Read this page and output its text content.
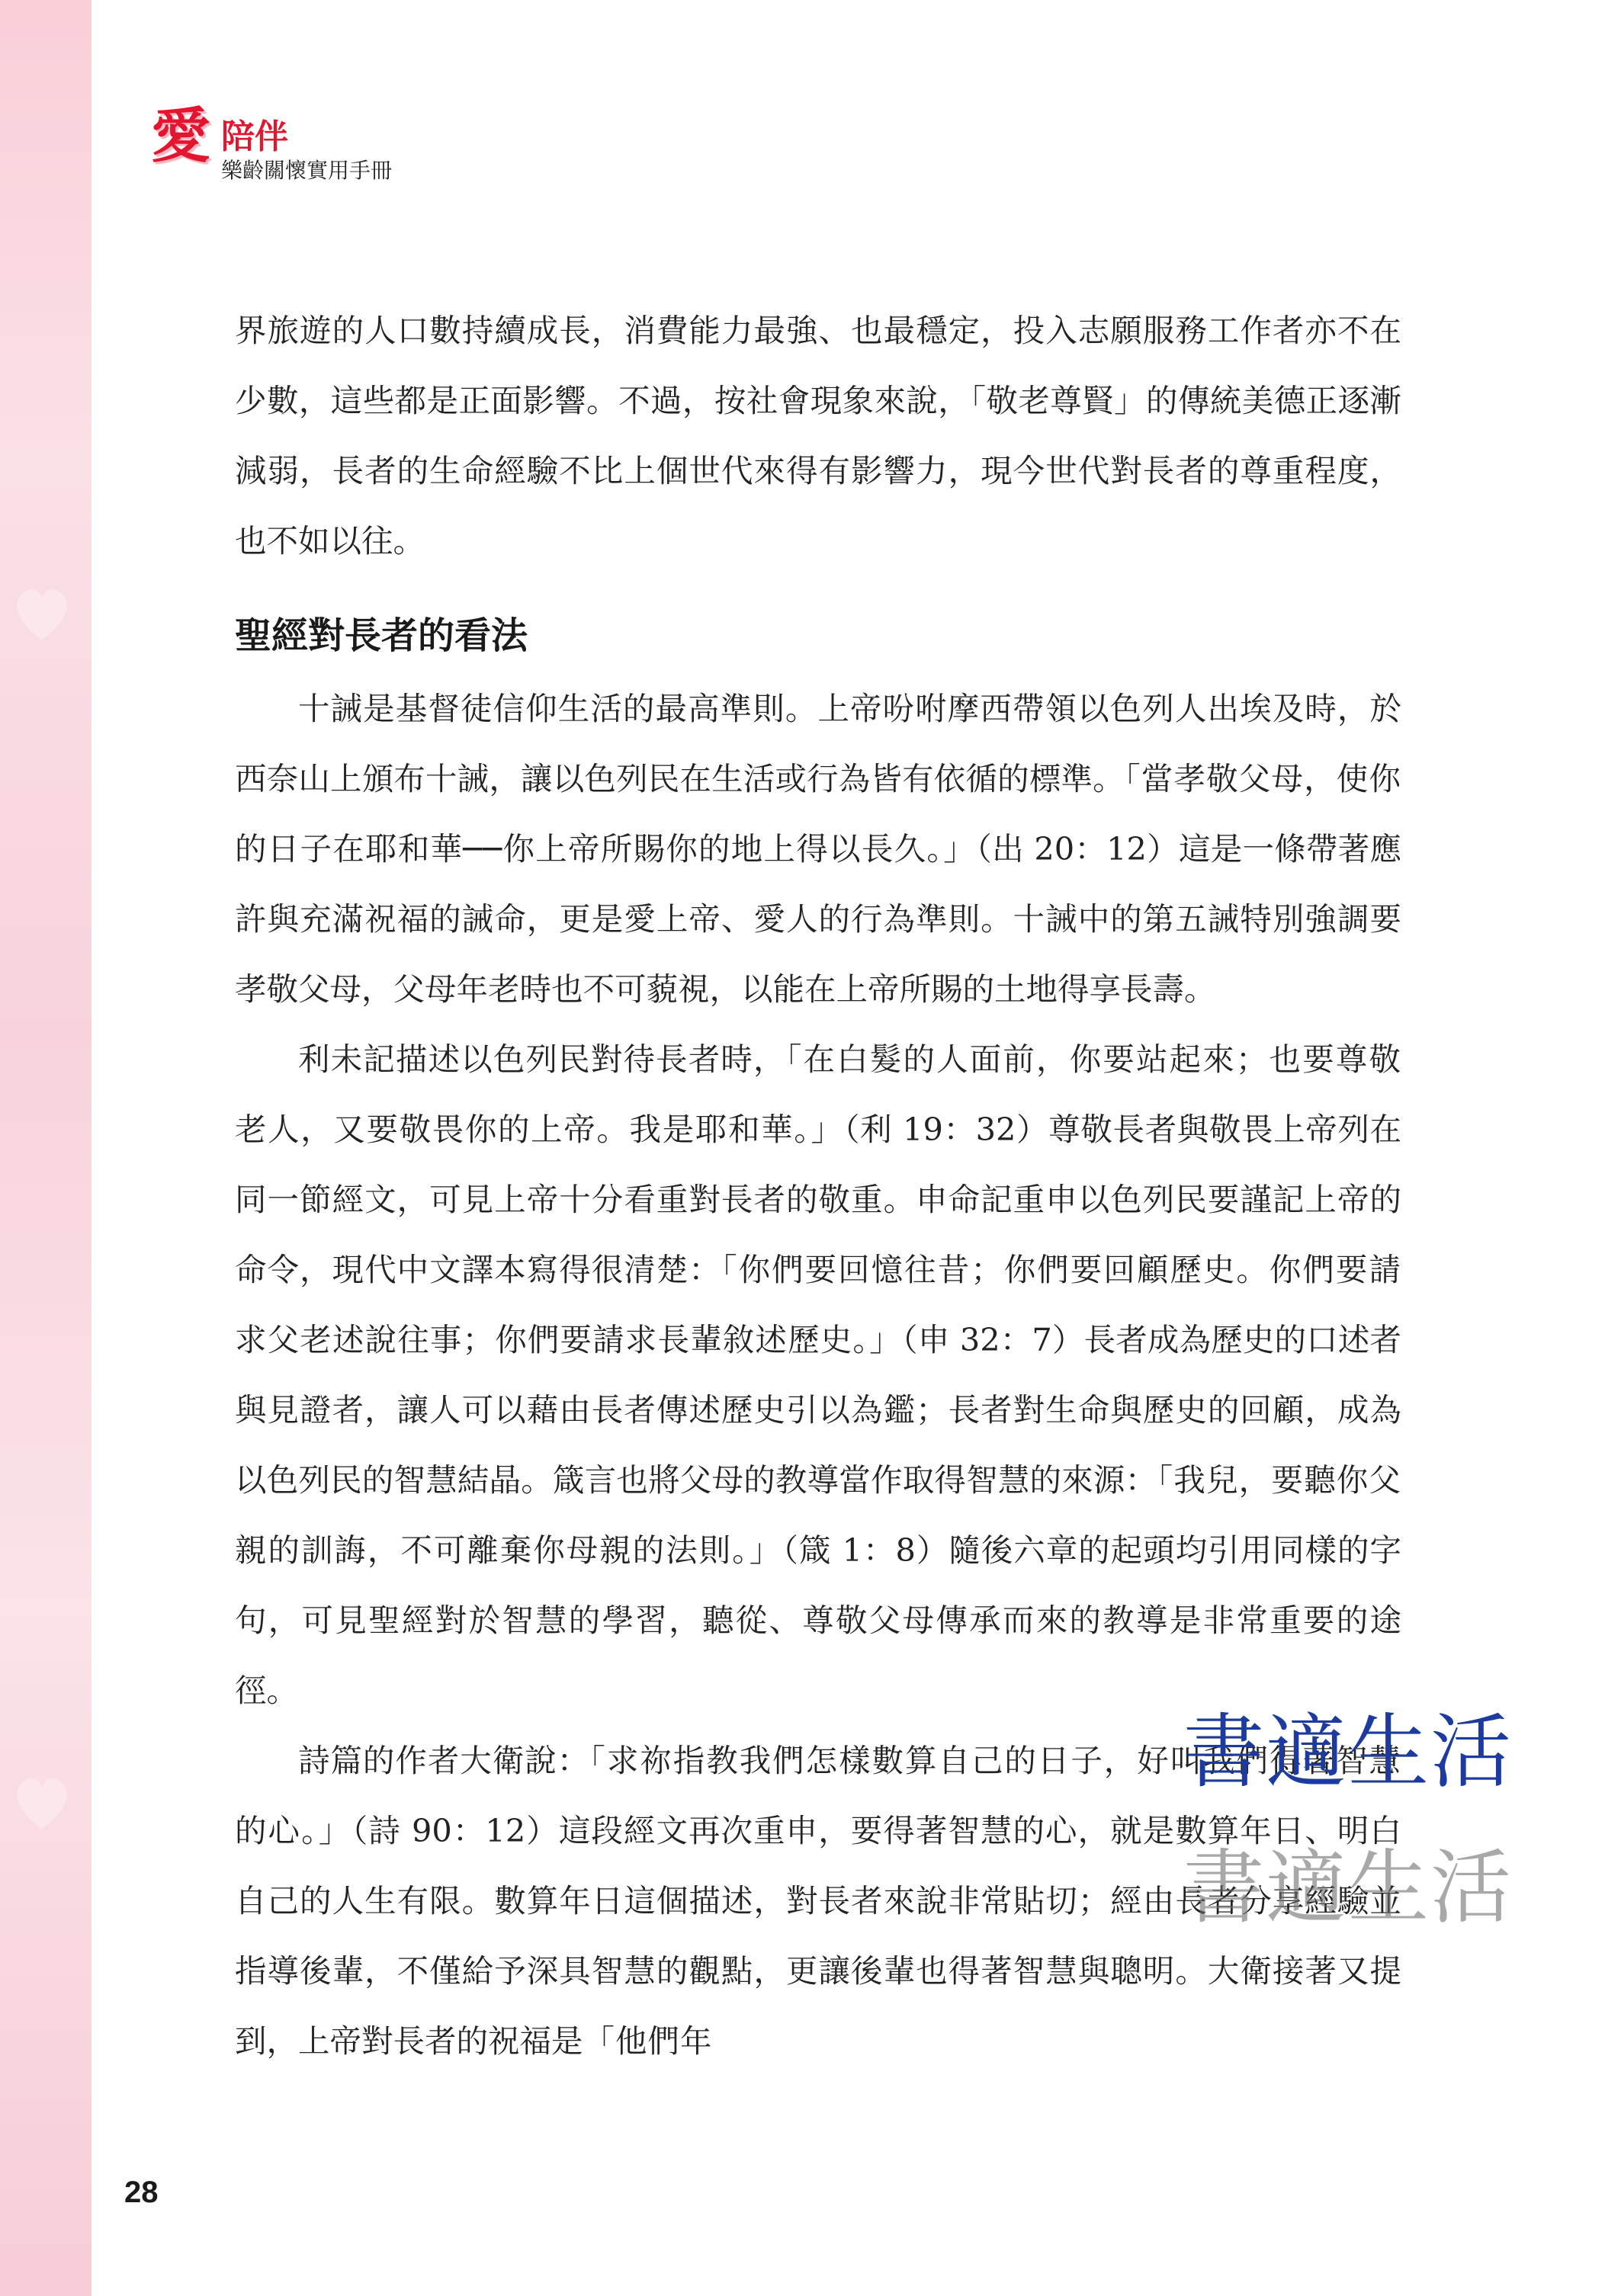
愛 陪伴
樂齡關懷實用手冊

界旅遊的人口數持續成長，消費能力最強、也最穩定，投入志願服務工作者亦不在少數，這些都是正面影響。不過，按社會現象來說，「敬老尊賢」的傳統美德正逐漸減弱，長者的生命經驗不比上個世代來得有影響力，現今世代對長者的尊重程度，也不如以往。

聖經對長者的看法

十誡是基督徒信仰生活的最高準則。上帝吩咐摩西帶領以色列人出埃及時，於西奈山上頒布十誡，讓以色列民在生活或行為皆有依循的標準。「當孝敬父母，使你的日子在耶和華──你上帝所賜你的地上得以長久。」（出 20：12）這是一條帶著應許與充滿祝福的誡命，更是愛上帝、愛人的行為準則。十誡中的第五誡特別強調要孝敬父母，父母年老時也不可藐視，以能在上帝所賜的土地得享長壽。

利未記描述以色列民對待長者時，「在白髮的人面前，你要站起來；也要尊敬老人，又要敬畏你的上帝。我是耶和華。」（利 19：32）尊敬長者與敬畏上帝列在同一節經文，可見上帝十分看重對長者的敬重。申命記重申以色列民要謹記上帝的命令，現代中文譯本寫得很清楚：「你們要回憶往昔；你們要回顧歷史。你們要請求父老述說往事；你們要請求長輩敘述歷史。」（申 32：7）長者成為歷史的口述者與見證者，讓人可以藉由長者傳述歷史引以為鑑；長者對生命與歷史的回顧，成為以色列民的智慧結晶。箴言也將父母的教導當作取得智慧的來源：「我兒，要聽你父親的訓誨，不可離棄你母親的法則。」（箴 1：8）隨後六章的起頭均引用同樣的字句，可見聖經對於智慧的學習，聽從、尊敬父母傳承而來的教導是非常重要的途徑。

詩篇的作者大衛說：「求祢指教我們怎樣數算自己的日子，好叫我們得著智慧的心。」（詩 90：12）這段經文再次重申，要得著智慧的心，就是數算年日、明白自己的人生有限。數算年日這個描述，對長者來說非常貼切；經由長者分享經驗並指導後輩，不僅給予深具智慧的觀點，更讓後輩也得著智慧與聰明。大衛接著又提到，上帝對長者的祝福是「他們年

書適生活
書適生活
28
